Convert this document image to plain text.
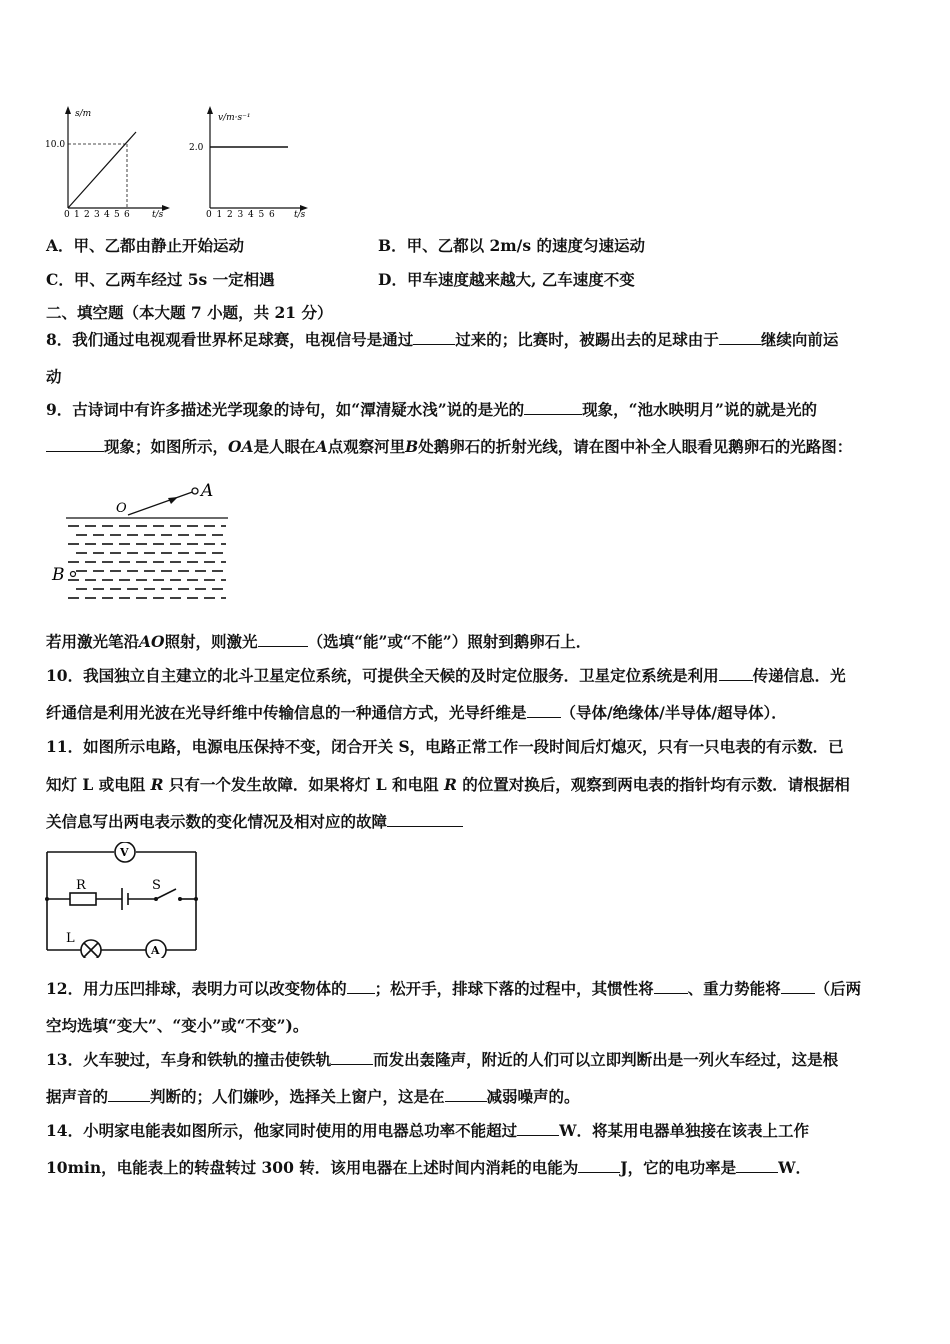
s/m
10.0
t/s
0 1 2 3 4 5 6
v/m·s⁻¹
2.0
t/s
0 1 2 3 4 5 6
A．甲、乙都由静止开始运动	B．甲、乙都以 2m/s 的速度匀速运动
C．甲、乙两车经过 5s 一定相遇	D．甲车速度越来越大, 乙车速度不变
二、填空题（本大题 7 小题，共 21 分）
8．我们通过电视观看世界杯足球赛，电视信号是通过	过来的；比赛时，被踢出去的足球由于	继续向前运
动
9．古诗词中有许多描述光学现象的诗句，如“潭清疑水浅”说的是光的	现象，“池水映明月”说的就是光的
现象；如图所示，OA是人眼在A点观察河里B处鹅卵石的折射光线，请在图中补全人眼看见鹅卵石的光路图：
O
A
B
若用激光笔沿AO照射，则激光	（选填“能”或“不能”）照射到鹅卵石上．
10．我国独立自主建立的北斗卫星定位系统，可提供全天候的及时定位服务．卫星定位系统是利用 传递信息．光
纤通信是利用光波在光导纤维中传输信息的一种通信方式，光导纤维是 （导体/绝缘体/半导体/超导体）．
11．如图所示电路，电源电压保持不变，闭合开关 S，电路正常工作一段时间后灯熄灭，只有一只电表的有示数．已
知灯 L 或电阻 R 只有一个发生故障．如果将灯 L 和电阻 R 的位置对换后，观察到两电表的指针均有示数．请根据相
关信息写出两电表示数的变化情况及相对应的故障
V
R	S
L
A
12．用力压凹排球，表明力可以改变物体的 ；松开手，排球下落的过程中，其惯性将 、重力势能将 （后两
空均选填“变大”、“变小”或“不变”)。
13．火车驶过，车身和铁轨的撞击使铁轨	而发出轰隆声，附近的人们可以立即判断出是一列火车经过，这是根
据声音的	判断的；人们嫌吵，选择关上窗户，这是在	减弱噪声的。
14．小明家电能表如图所示，他家同时使用的用电器总功率不能超过	W．将某用电器单独接在该表上工作
10min，电能表上的转盘转过 300 转．该用电器在上述时间内消耗的电能为	J，它的电功率是	W．
